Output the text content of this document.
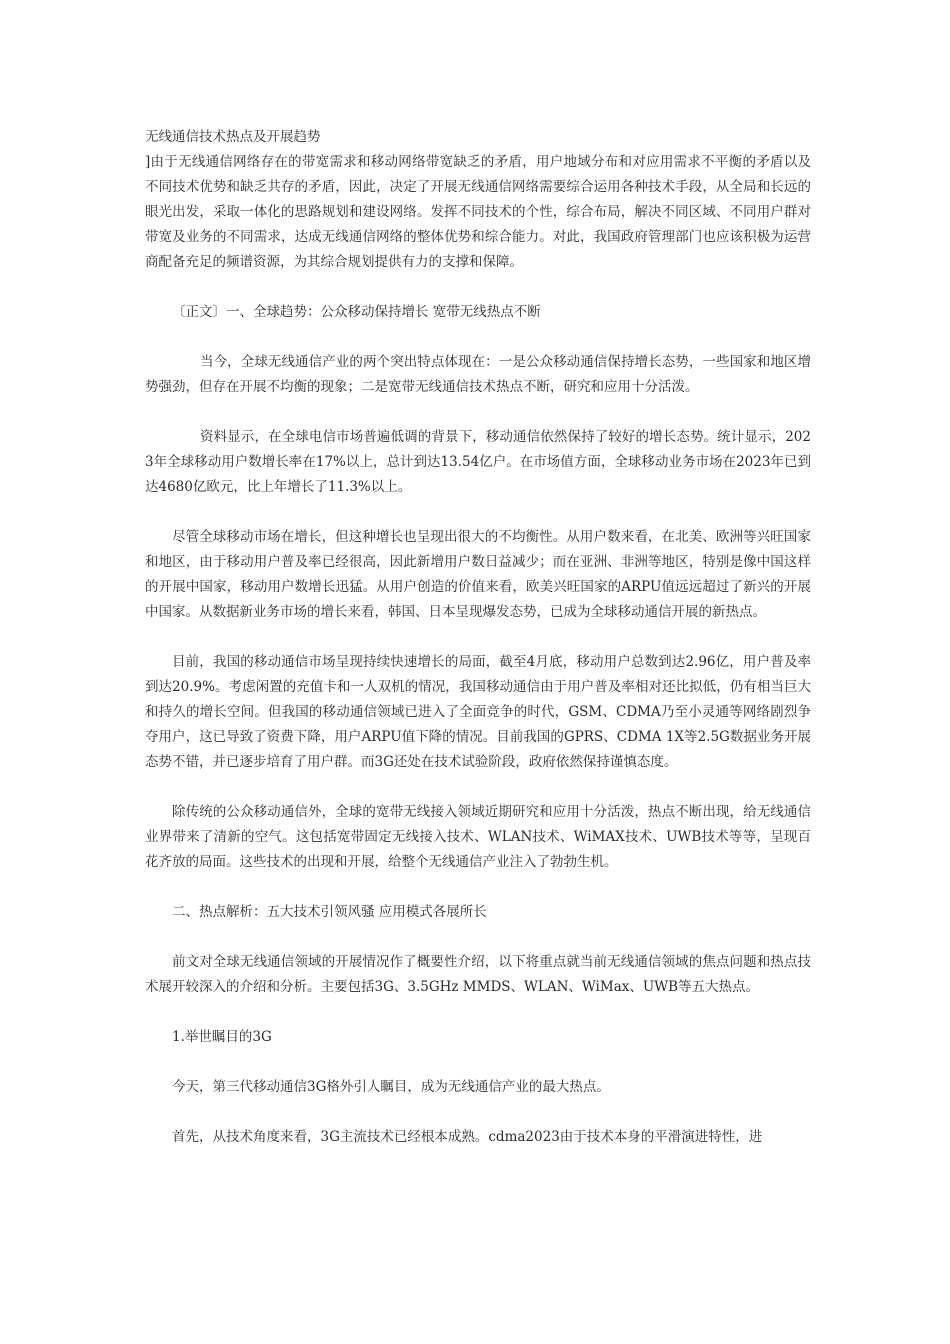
无线通信技术热点及开展趋势

]由于无线通信网络存在的带宽需求和移动网络带宽缺乏的矛盾，用户地域分布和对应用需求不平衡的矛盾以及不同技术优势和缺乏共存的矛盾，因此，决定了开展无线通信网络需要综合运用各种技术手段，从全局和长远的眼光出发，采取一体化的思路规划和建设网络。发挥不同技术的个性，综合布局，解决不同区域、不同用户群对带宽及业务的不同需求，达成无线通信网络的整体优势和综合能力。对此，我国政府管理部门也应该积极为运营商配备充足的频谱资源，为其综合规划提供有力的支撑和保障。

〔正文〕一、全球趋势：公众移动保持增长 宽带无线热点不断

当今，全球无线通信产业的两个突出特点体现在：一是公众移动通信保持增长态势，一些国家和地区增势强劲，但存在开展不均衡的现象；二是宽带无线通信技术热点不断，研究和应用十分活泼。

资料显示，在全球电信市场普遍低调的背景下，移动通信依然保持了较好的增长态势。统计显示，2023年全球移动用户数增长率在17%以上，总计到达13.54亿户。在市场值方面，全球移动业务市场在2023年已到达4680亿欧元，比上年增长了11.3%以上。

尽管全球移动市场在增长，但这种增长也呈现出很大的不均衡性。从用户数来看，在北美、欧洲等兴旺国家和地区，由于移动用户普及率已经很高，因此新增用户数日益减少；而在亚洲、非洲等地区，特别是像中国这样的开展中国家，移动用户数增长迅猛。从用户创造的价值来看，欧美兴旺国家的ARPU值远远超过了新兴的开展中国家。从数据新业务市场的增长来看，韩国、日本呈现爆发态势，已成为全球移动通信开展的新热点。

目前，我国的移动通信市场呈现持续快速增长的局面，截至4月底，移动用户总数到达2.96亿，用户普及率到达20.9%。考虑闲置的充值卡和一人双机的情况，我国移动通信由于用户普及率相对还比拟低，仍有相当巨大和持久的增长空间。但我国的移动通信领域已进入了全面竞争的时代，GSM、CDMA乃至小灵通等网络剧烈争夺用户，这已导致了资费下降，用户ARPU值下降的情况。目前我国的GPRS、CDMA 1X等2.5G数据业务开展态势不错，并已逐步培育了用户群。而3G还处在技术试验阶段，政府依然保持谨慎态度。

除传统的公众移动通信外，全球的宽带无线接入领域近期研究和应用十分活泼，热点不断出现，给无线通信业界带来了清新的空气。这包括宽带固定无线接入技术、WLAN技术、WiMAX技术、UWB技术等等，呈现百花齐放的局面。这些技术的出现和开展，给整个无线通信产业注入了勃勃生机。

二、热点解析：五大技术引领风骚 应用模式各展所长

前文对全球无线通信领域的开展情况作了概要性介绍，以下将重点就当前无线通信领域的焦点问题和热点技术展开较深入的介绍和分析。主要包括3G、3.5GHz MMDS、WLAN、WiMax、UWB等五大热点。

1.举世瞩目的3G

今天，第三代移动通信3G格外引人瞩目，成为无线通信产业的最大热点。

首先，从技术角度来看，3G主流技术已经根本成熟。cdma2023由于技术本身的平滑演进特性，进
